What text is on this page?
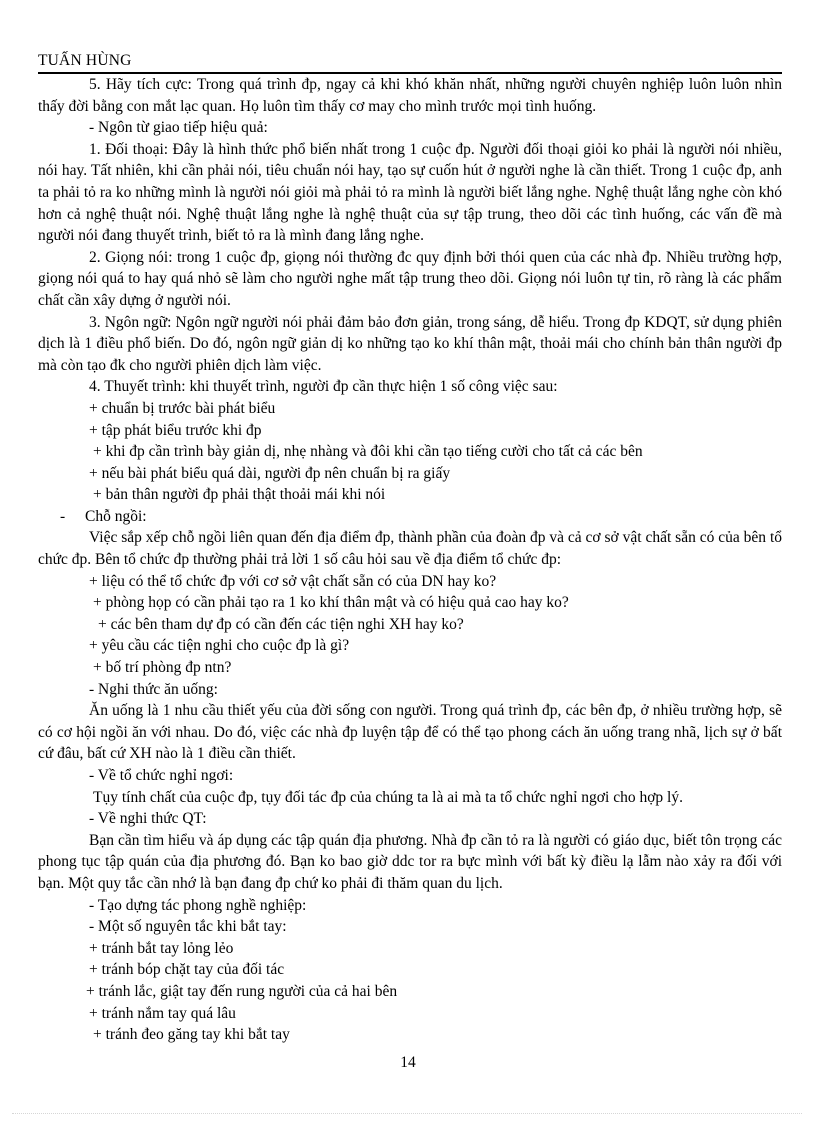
TUẤN HÙNG

5. Hãy tích cực: Trong quá trình đp, ngay cả khi khó khăn nhất, những người chuyên nghiệp luôn luôn nhìn thấy đời bằng con mắt lạc quan. Họ luôn tìm thấy cơ may cho mình trước mọi tình huống.

- Ngôn từ giao tiếp hiệu quả:

1. Đối thoại: Đây là hình thức phổ biến nhất trong 1 cuộc đp. Người đối thoại giỏi ko phải là người nói nhiều, nói hay. Tất nhiên, khi cần phải nói, tiêu chuẩn nói hay, tạo sự cuốn hút ở người nghe là cần thiết. Trong 1 cuộc đp, anh ta phải tỏ ra ko những mình là người nói giỏi mà phải tỏ ra mình là người biết lắng nghe. Nghệ thuật lắng nghe còn khó hơn cả nghệ thuật nói. Nghệ thuật lắng nghe là nghệ thuật của sự tập trung, theo dõi các tình huống, các vấn đề mà người nói đang thuyết trình, biết tỏ ra là mình đang lắng nghe.

2. Giọng nói: trong 1 cuộc đp, giọng nói thường đc quy định bởi thói quen của các nhà đp. Nhiều trường hợp, giọng nói quá to hay quá nhỏ sẽ làm cho người nghe mất tập trung theo dõi. Giọng nói luôn tự tin, rõ ràng là các phẩm chất cần xây dựng ở người nói.

3. Ngôn ngữ: Ngôn ngữ người nói phải đảm bảo đơn giản, trong sáng, dễ hiểu. Trong đp KDQT, sử dụng phiên dịch là 1 điều phổ biến. Do đó, ngôn ngữ giản dị ko những tạo ko khí thân mật, thoải mái cho chính bản thân người đp mà còn tạo đk cho người phiên dịch làm việc.

4. Thuyết trình: khi thuyết trình, người đp cần thực hiện 1 số công việc sau:

+ chuẩn bị trước bài phát biểu

+ tập phát biểu trước khi đp

+ khi đp cần trình bày giản dị, nhẹ nhàng và đôi khi cần tạo tiếng cười cho tất cả các bên

+ nếu bài phát biểu quá dài, người đp nên chuẩn bị ra giấy

+ bản thân người đp phải thật thoải mái khi nói

- Chỗ ngồi:

Việc sắp xếp chỗ ngồi liên quan đến địa điểm đp, thành phần của đoàn đp và cả cơ sở vật chất sẵn có của bên tổ chức đp. Bên tổ chức đp thường phải trả lời 1 số câu hỏi sau về địa điểm tổ chức đp:

+ liệu có thể tổ chức đp với cơ sở vật chất sẵn có của DN hay ko?

+ phòng họp có cần phải tạo ra 1 ko khí thân mật và có hiệu quả cao hay ko?

+ các bên tham dự đp có cần đến các tiện nghi XH hay ko?

+ yêu cầu các tiện nghi cho cuộc đp là gì?

+ bố trí phòng đp ntn?

- Nghi thức ăn uống:

Ăn uống là 1 nhu cầu thiết yếu của đời sống con người. Trong quá trình đp, các bên đp, ở nhiều trường hợp, sẽ có cơ hội ngồi ăn với nhau. Do đó, việc các nhà đp luyện tập để có thể tạo phong cách ăn uống trang nhã, lịch sự ở bất cứ đâu, bất cứ XH nào là 1 điều cần thiết.

- Về tổ chức nghỉ ngơi:

Tụy tính chất của cuộc đp, tụy đối tác đp của chúng ta là ai mà ta tổ chức nghỉ ngơi cho hợp lý.

- Về nghi thức QT:

Bạn cần tìm hiểu và áp dụng các tập quán địa phương. Nhà đp cần tỏ ra là người có giáo dục, biết tôn trọng các phong tục tập quán của địa phương đó. Bạn ko bao giờ ddc tor ra bực mình với bất kỳ điều lạ lẫm nào xảy ra đối với bạn. Một quy tắc cần nhớ là bạn đang đp chứ ko phải đi thăm quan du lịch.

- Tạo dựng tác phong nghề nghiệp:

- Một số nguyên tắc khi bắt tay:

+ tránh bắt tay lỏng lẻo

+ tránh bóp chặt tay của đối tác

+ tránh lắc, giật tay đến rung người của cả hai bên

+ tránh nắm tay quá lâu

+ tránh đeo găng tay khi bắt tay

14
